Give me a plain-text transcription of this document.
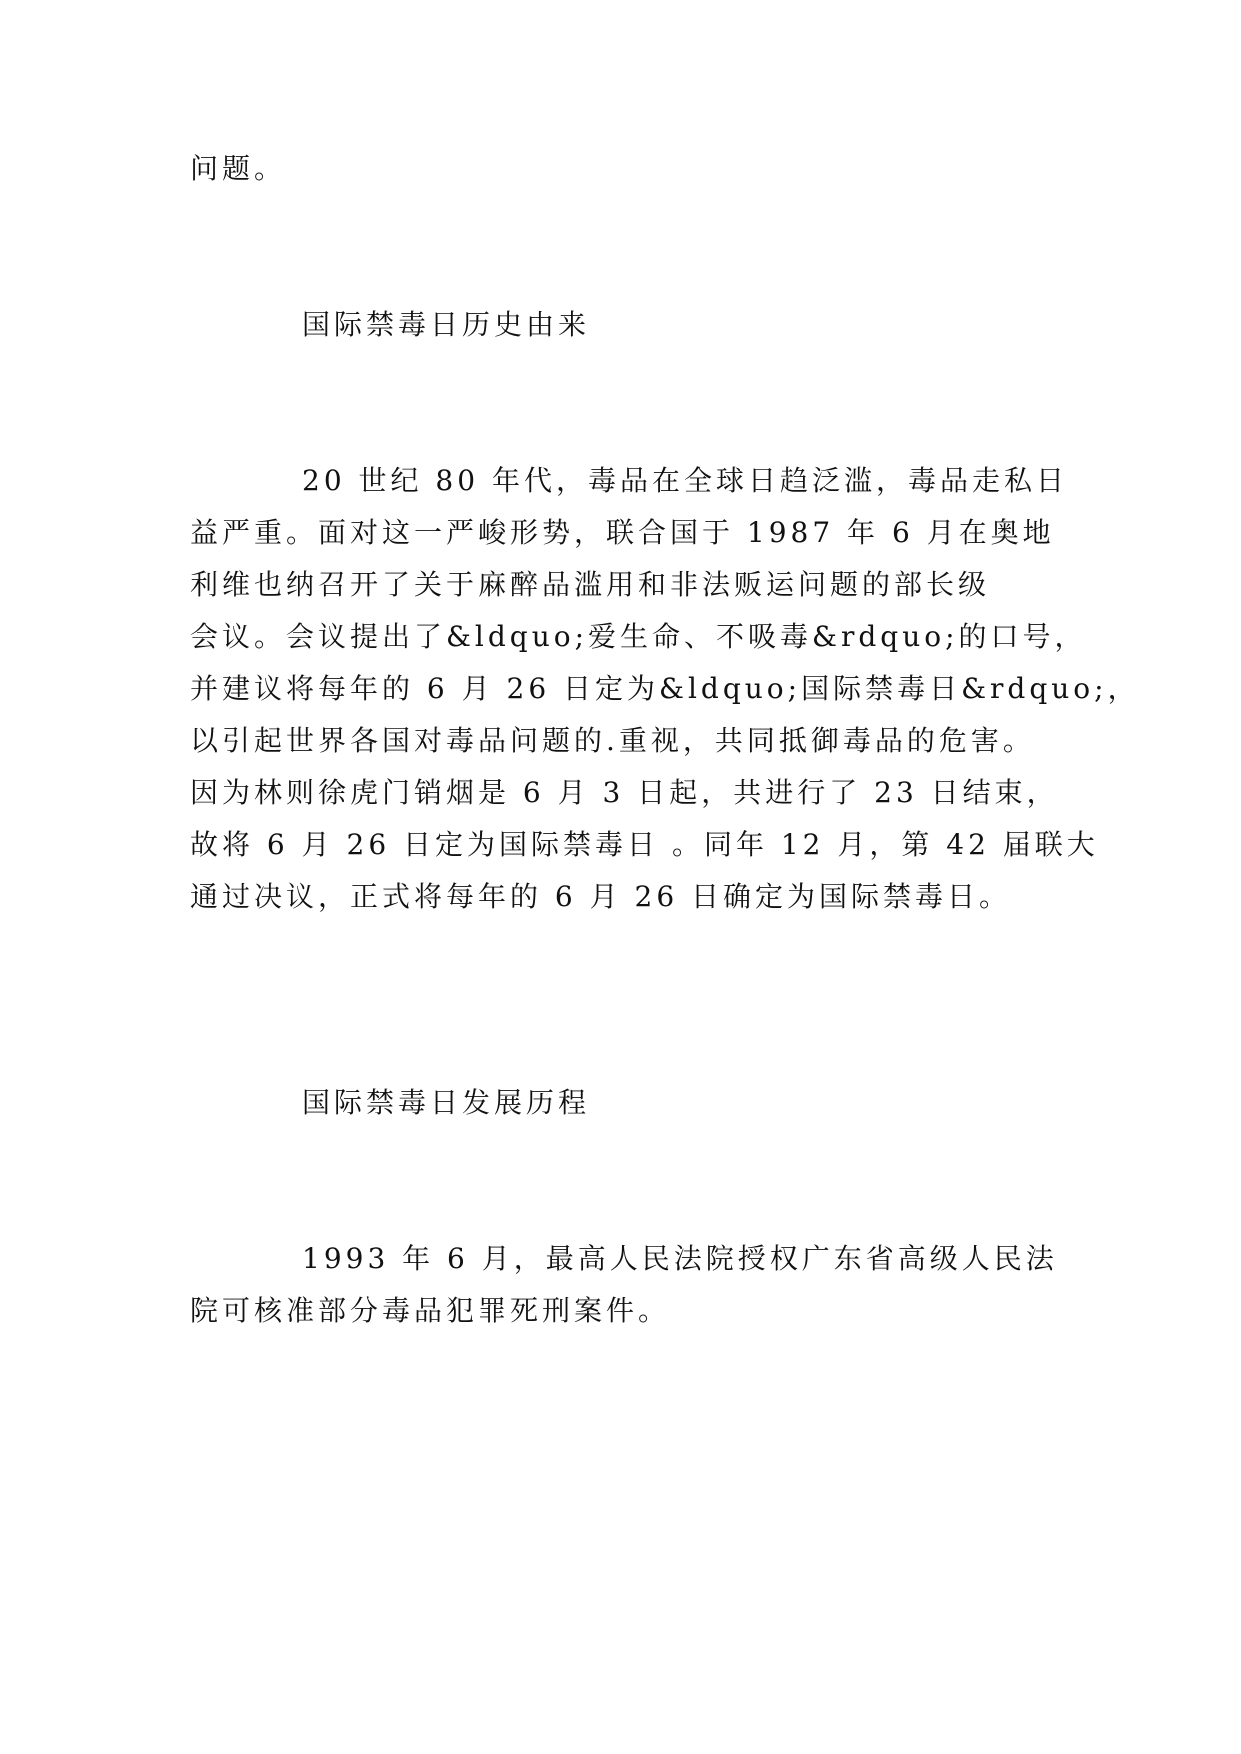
问题。

国际禁毒日历史由来

20 世纪 80 年代，毒品在全球日趋泛滥，毒品走私日

益严重。面对这一严峻形势，联合国于 1987 年 6 月在奥地

利维也纳召开了关于麻醉品滥用和非法贩运问题的部长级

会议。会议提出了&ldquo;爱生命、不吸毒&rdquo;的口号，

并建议将每年的 6 月 26 日定为&ldquo;国际禁毒日&rdquo;，

以引起世界各国对毒品问题的.重视，共同抵御毒品的危害。

因为林则徐虎门销烟是 6 月 3 日起，共进行了 23 日结束，

故将 6 月 26 日定为国际禁毒日 。同年 12 月，第 42 届联大

通过决议，正式将每年的 6 月 26 日确定为国际禁毒日。

国际禁毒日发展历程

1993 年 6 月，最高人民法院授权广东省高级人民法

院可核准部分毒品犯罪死刑案件。
